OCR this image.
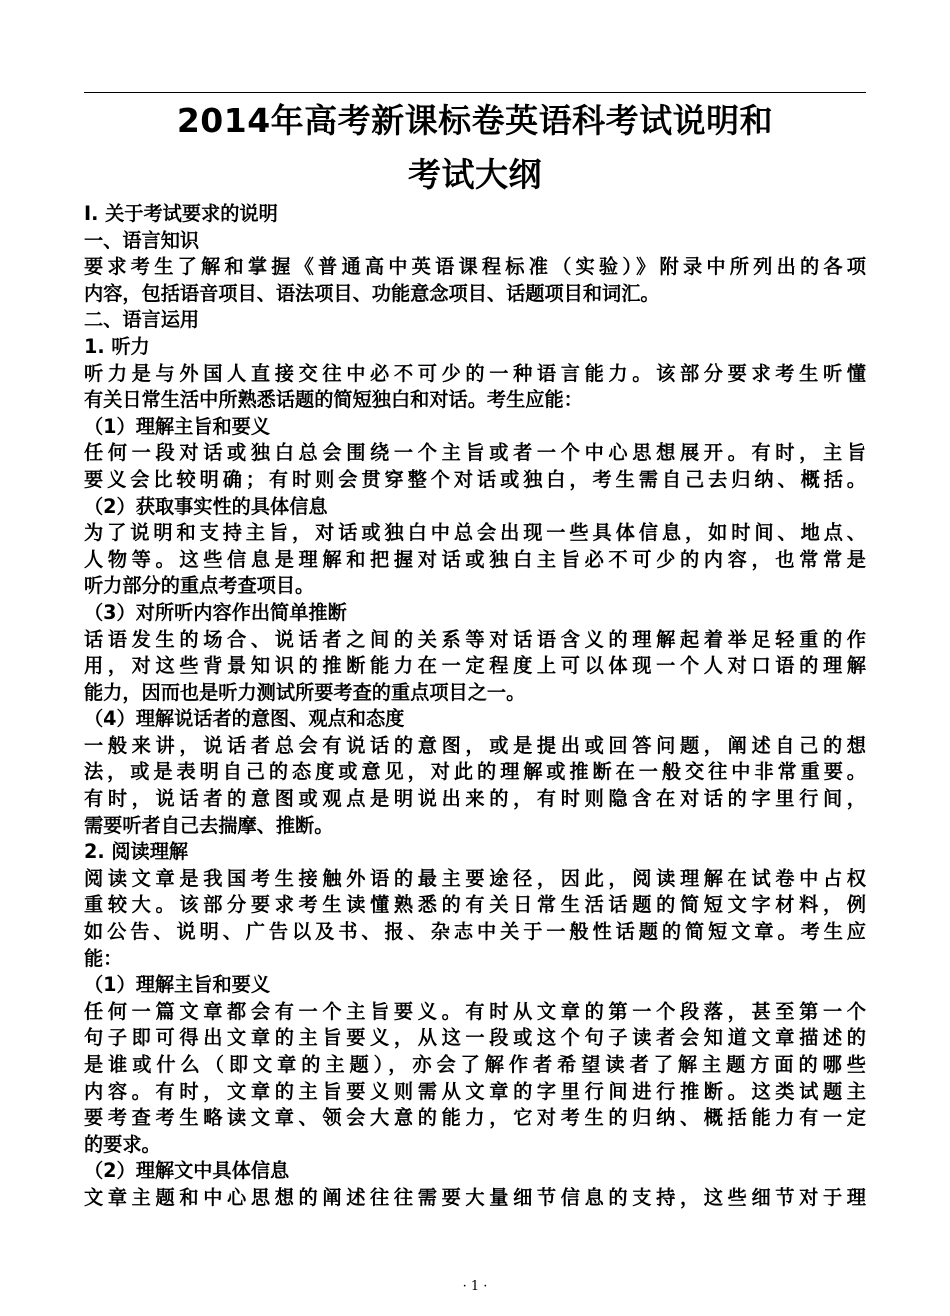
2014年高考新课标卷英语科考试说明和
考试大纲
I. 关于考试要求的说明
一、语言知识
要求考生了解和掌握《普通高中英语课程标准（实验）》附录中所列出的各项
内容，包括语音项目、语法项目、功能意念项目、话题项目和词汇。
二、语言运用
1. 听力
听力是与外国人直接交往中必不可少的一种语言能力。该部分要求考生听懂
有关日常生活中所熟悉话题的简短独白和对话。考生应能：
（1）理解主旨和要义
任何一段对话或独白总会围绕一个主旨或者一个中心思想展开。有时，主旨
要义会比较明确；有时则会贯穿整个对话或独白，考生需自己去归纳、概括。
（2）获取事实性的具体信息
为了说明和支持主旨，对话或独白中总会出现一些具体信息，如时间、地点、
人物等。这些信息是理解和把握对话或独白主旨必不可少的内容，也常常是
听力部分的重点考查项目。
（3）对所听内容作出简单推断
话语发生的场合、说话者之间的关系等对话语含义的理解起着举足轻重的作
用，对这些背景知识的推断能力在一定程度上可以体现一个人对口语的理解
能力，因而也是听力测试所要考查的重点项目之一。
（4）理解说话者的意图、观点和态度
一般来讲，说话者总会有说话的意图，或是提出或回答问题，阐述自己的想
法，或是表明自己的态度或意见，对此的理解或推断在一般交往中非常重要。
有时，说话者的意图或观点是明说出来的，有时则隐含在对话的字里行间，
需要听者自己去揣摩、推断。
2. 阅读理解
阅读文章是我国考生接触外语的最主要途径，因此，阅读理解在试卷中占权
重较大。该部分要求考生读懂熟悉的有关日常生活话题的简短文字材料，例
如公告、说明、广告以及书、报、杂志中关于一般性话题的简短文章。考生应
能：
（1）理解主旨和要义
任何一篇文章都会有一个主旨要义。有时从文章的第一个段落，甚至第一个
句子即可得出文章的主旨要义，从这一段或这个句子读者会知道文章描述的
是谁或什么（即文章的主题），亦会了解作者希望读者了解主题方面的哪些
内容。有时，文章的主旨要义则需从文章的字里行间进行推断。这类试题主
要考查考生略读文章、领会大意的能力，它对考生的归纳、概括能力有一定
的要求。
（2）理解文中具体信息
文章主题和中心思想的阐述往往需要大量细节信息的支持，这些细节对于理
· 1 ·
